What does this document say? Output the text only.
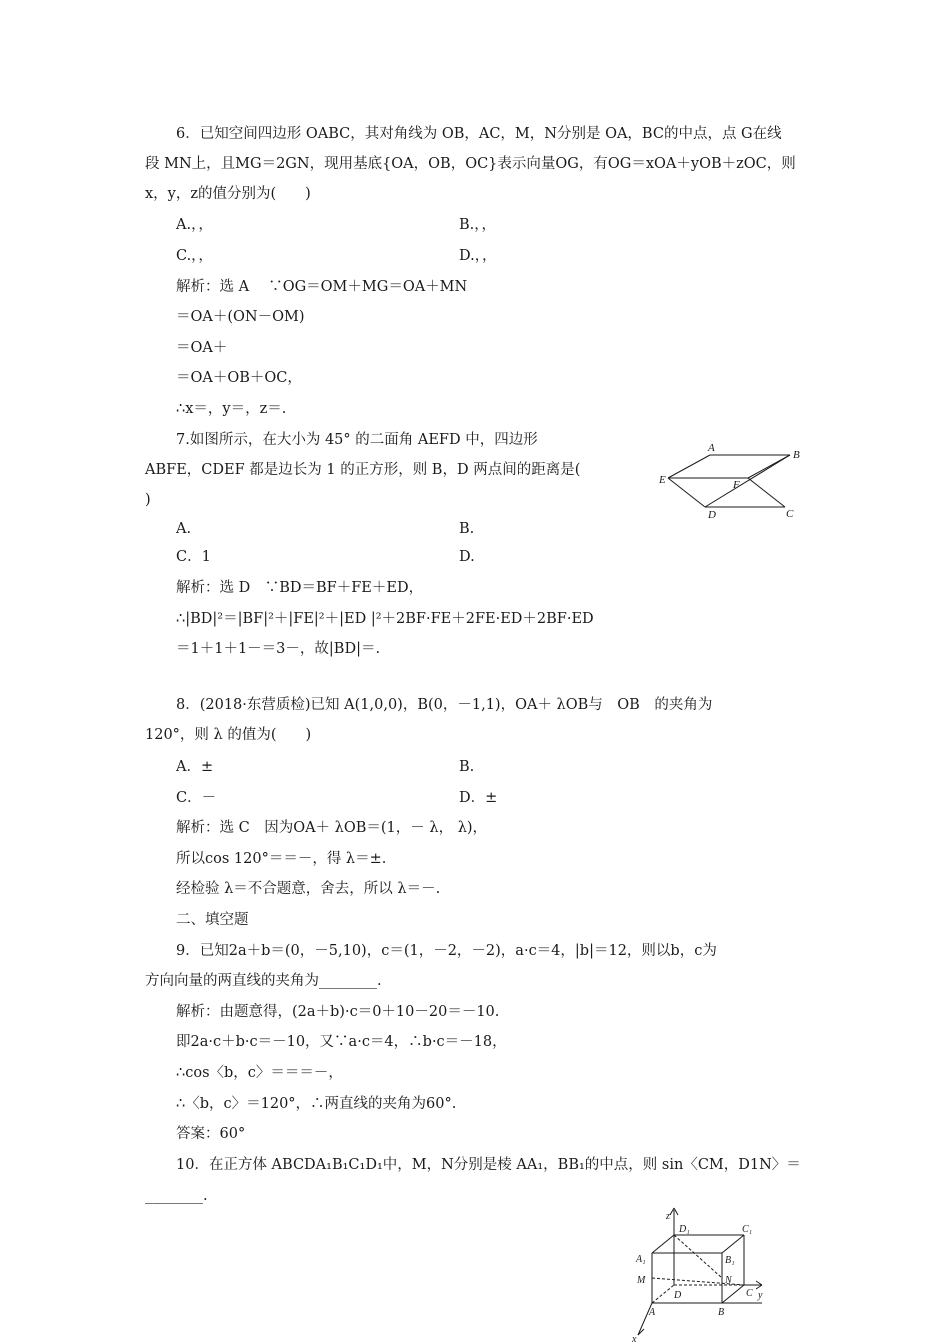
6．已知空间四边形 OABC，其对角线为 OB，AC，M，N分别是 OA，BC的中点，点 G在线
段 MN上，且MG＝2GN，现用基底{OA，OB，OC}表示向量OG，有OG＝xOA＋yOB＋zOC，则
x，y，z的值分别为(　　)
A.，，	B.，，
C.，，	D.，，
解析：选 A　 ∵OG＝OM＋MG＝OA＋MN
＝OA＋(ON－OM)
＝OA＋
＝OA＋OB＋OC，
∴x＝，y＝，z＝.
7.如图所示，在大小为 45° 的二面角 AEFD 中，四边形
ABFE，CDEF 都是边长为 1 的正方形，则 B，D 两点间的距离是(
)
A.	B.
C．1	D.
解析：选 D　∵BD＝BF＋FE＋ED，
∴|BD|²＝|BF|²＋|FE|²＋|ED |²＋2BF·FE＋2FE·ED＋2BF·ED
＝1＋1＋1－＝3－，故|BD|＝.
8．(2018·东营质检)已知 A(1,0,0)，B(0，－1,1)，OA＋ λOB与　OB　的夹角为
120°，则 λ 的值为(　　)
A．±	B.
C．－	D．±
解析：选 C　因为OA＋ λOB＝(1，－ λ， λ)，
所以cos 120°＝＝－，得 λ＝±.
经检验 λ＝不合题意，舍去，所以 λ＝－.
二、填空题
9．已知2a＋b＝(0，－5,10)，c＝(1，－2，－2)，a·c＝4，|b|＝12，则以b，c为
方向向量的两直线的夹角为________.
解析：由题意得，(2a＋b)·c＝0＋10－20＝－10.
即2a·c＋b·c＝－10，又∵a·c＝4，∴b·c＝－18，
∴cos〈b，c〉＝＝＝－，
∴〈b，c〉＝120°，∴两直线的夹角为60°.
答案：60°
10．在正方体 ABCDA₁B₁C₁D₁中，M，N分别是棱 AA₁，BB₁的中点，则 sin〈CM，D1N〉＝
________.
A
B
E	F
D	C
z
D₁	C₁
A₁	B₁
N
M
C
D	y
A	B
x
